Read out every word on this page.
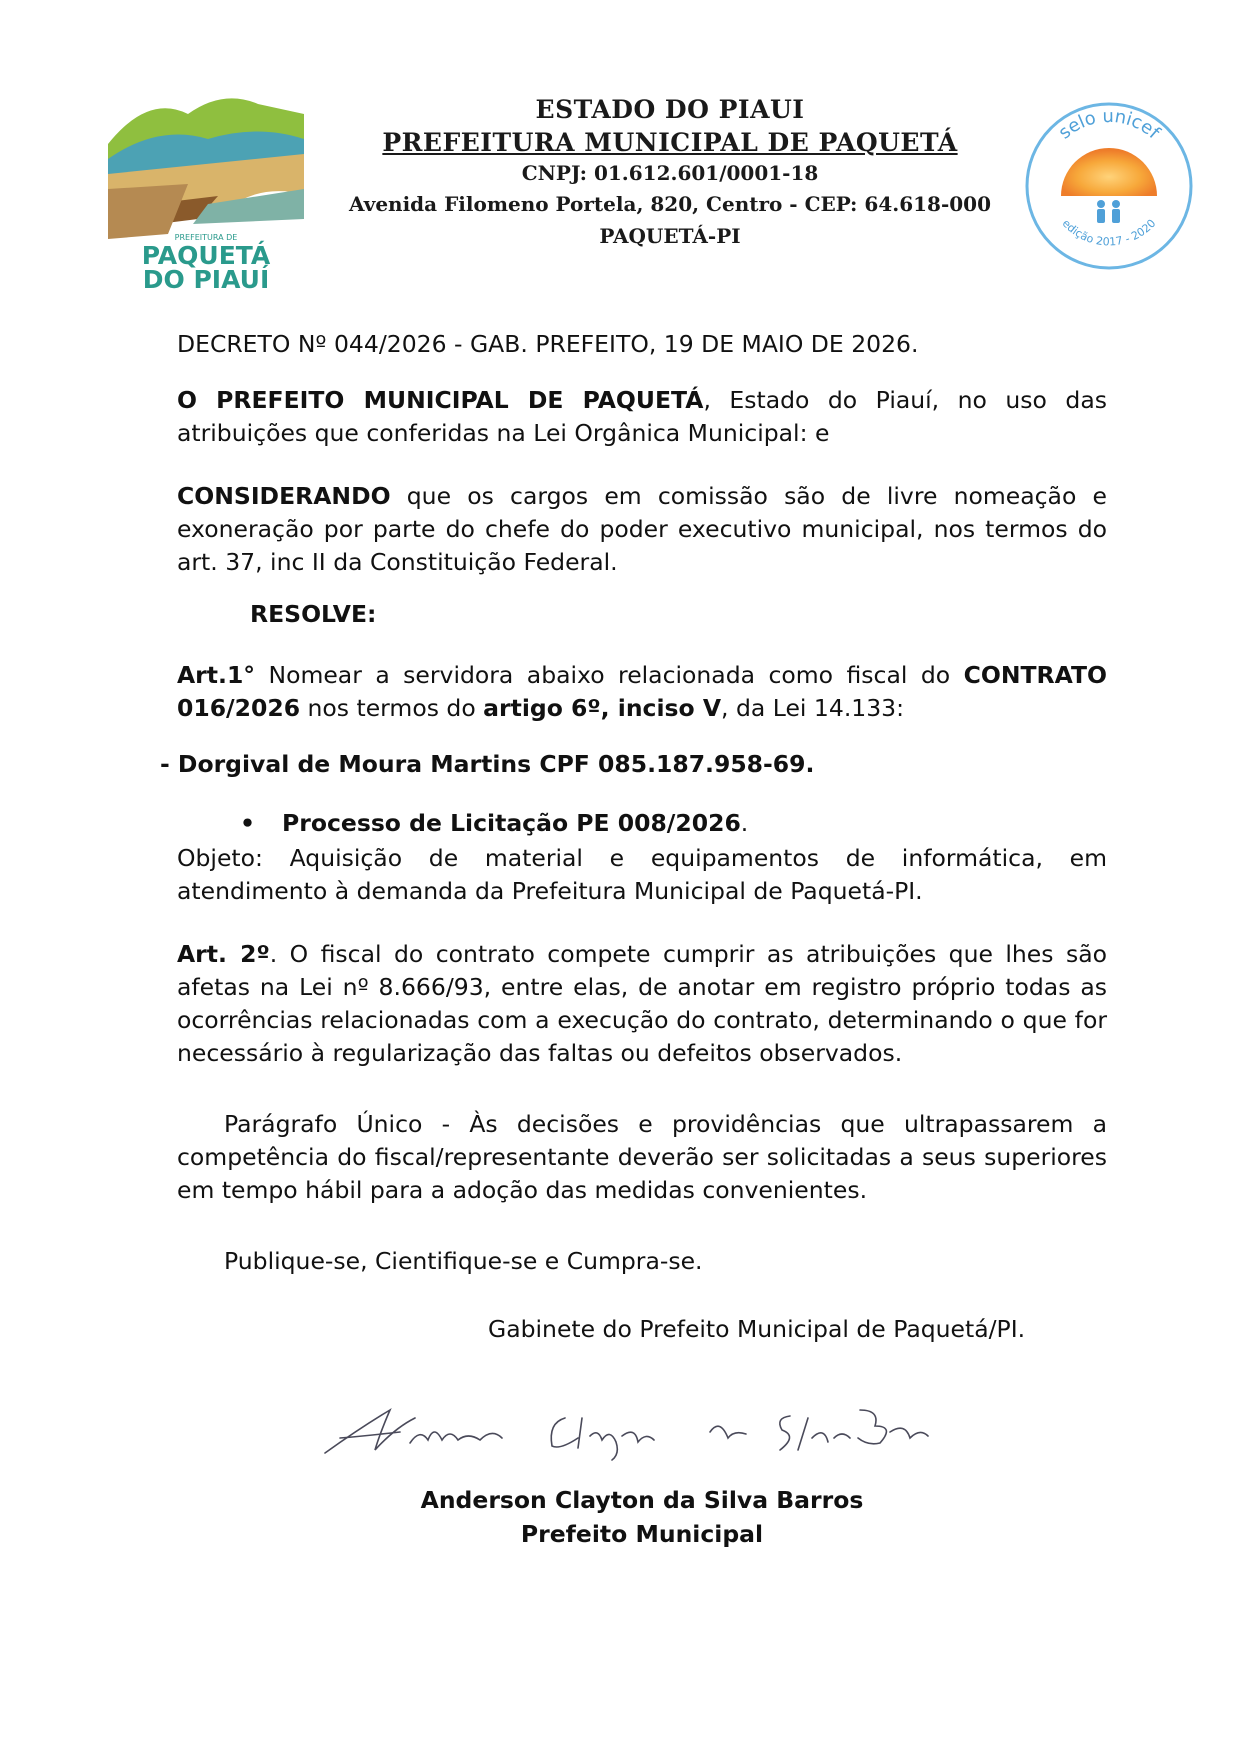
PREFEITURA DE
PAQUETÁ
DO PIAUÍ
selo unicef
edição 2017 - 2020
ESTADO DO PIAUI
PREFEITURA MUNICIPAL DE PAQUETÁ
CNPJ: 01.612.601/0001-18
Avenida Filomeno Portela, 820, Centro - CEP: 64.618-000
PAQUETÁ-PI
DECRETO Nº 044/2026 - GAB. PREFEITO, 19 DE MAIO DE 2026.
O PREFEITO MUNICIPAL DE PAQUETÁ, Estado do Piauí, no uso das atribuições que conferidas na Lei Orgânica Municipal: e
CONSIDERANDO que os cargos em comissão são de livre nomeação e exoneração por parte do chefe do poder executivo municipal, nos termos do art. 37, inc II da Constituição Federal.
RESOLVE:
Art.1° Nomear a servidora abaixo relacionada como fiscal do CONTRATO 016/2026 nos termos do artigo 6º, inciso V, da Lei 14.133:
- Dorgival de Moura Martins CPF 085.187.958-69.
• Processo de Licitação PE 008/2026.
Objeto: Aquisição de material e equipamentos de informática, em atendimento à demanda da Prefeitura Municipal de Paquetá-PI.
Art. 2º. O fiscal do contrato compete cumprir as atribuições que lhes são afetas na Lei nº 8.666/93, entre elas, de anotar em registro próprio todas as ocorrências relacionadas com a execução do contrato, determinando o que for necessário à regularização das faltas ou defeitos observados.
Parágrafo Único - Às decisões e providências que ultrapassarem a competência do fiscal/representante deverão ser solicitadas a seus superiores em tempo hábil para a adoção das medidas convenientes.
Publique-se, Cientifique-se e Cumpra-se.
Gabinete do Prefeito Municipal de Paquetá/PI.
Anderson Clayton da Silva Barros
Prefeito Municipal
